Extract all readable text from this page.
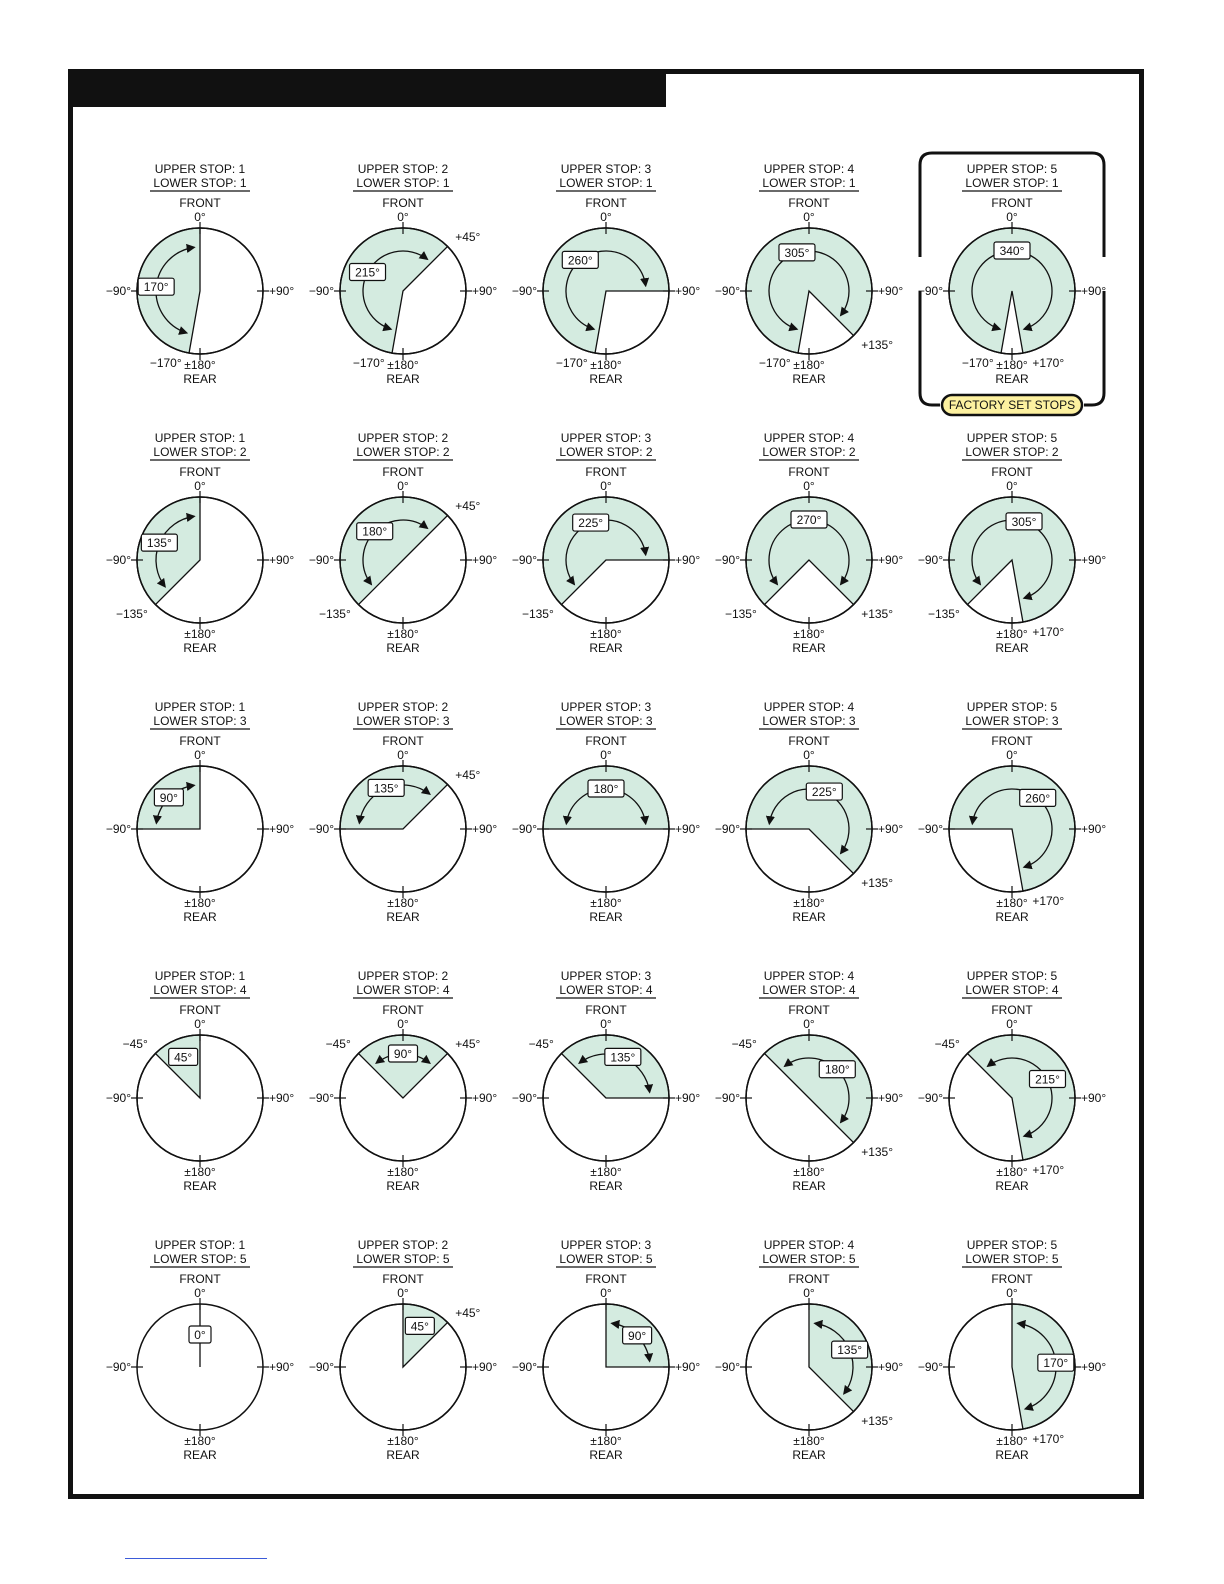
UPPER STOP: 1
LOWER STOP: 1
FRONT
0°
170°
−90°	+90°
±180°
REAR
−170°
UPPER STOP: 2
LOWER STOP: 1
FRONT
0°
215°
−90°	+90°
±180°
REAR
−170°
+45°
UPPER STOP: 3
LOWER STOP: 1
FRONT
0°
260°
−90°	+90°
±180°
REAR
−170°
UPPER STOP: 4
LOWER STOP: 1
FRONT
0°
305°
−90°	+90°
±180°
REAR
−170°
+135°
UPPER STOP: 5
LOWER STOP: 1
FRONT
0°
340°
−90°	+90°
±180°
REAR
−170°	+170°
FACTORY SET STOPS
UPPER STOP: 1
LOWER STOP: 2
FRONT
0°
135°
−90°	+90°
±180°
REAR
−135°
UPPER STOP: 2
LOWER STOP: 2
FRONT
0°
180°
−90°	+90°
±180°
REAR
−135°
+45°
UPPER STOP: 3
LOWER STOP: 2
FRONT
0°
225°
−90°	+90°
±180°
REAR
−135°
UPPER STOP: 4
LOWER STOP: 2
FRONT
0°
270°
−90°	+90°
±180°
REAR
−135°	+135°
UPPER STOP: 5
LOWER STOP: 2
FRONT
0°
305°
−90°	+90°
±180°
REAR
−135°
+170°
UPPER STOP: 1
LOWER STOP: 3
FRONT
0°
90°
−90°	+90°
±180°
REAR
UPPER STOP: 2
LOWER STOP: 3
FRONT
0°
135°
−90°	+90°
±180°
REAR
+45°
UPPER STOP: 3
LOWER STOP: 3
FRONT
0°
180°
−90°	+90°
±180°
REAR
UPPER STOP: 4
LOWER STOP: 3
FRONT
0°
225°
−90°	+90°
±180°
REAR
+135°
UPPER STOP: 5
LOWER STOP: 3
FRONT
0°
260°
−90°	+90°
±180°
REAR
+170°
UPPER STOP: 1
LOWER STOP: 4
FRONT
0°
45°
−90°	+90°
±180°
REAR
−45°
UPPER STOP: 2
LOWER STOP: 4
FRONT
0°
90°
−90°	+90°
±180°
REAR
−45°	+45°
UPPER STOP: 3
LOWER STOP: 4
FRONT
0°
135°
−90°	+90°
±180°
REAR
−45°
UPPER STOP: 4
LOWER STOP: 4
FRONT
0°
180°
−90°	+90°
±180°
REAR
−45°
+135°
UPPER STOP: 5
LOWER STOP: 4
FRONT
0°
215°
−90°	+90°
±180°
REAR
−45°
+170°
UPPER STOP: 1
LOWER STOP: 5
FRONT
0°
0°
−90°	+90°
±180°
REAR
UPPER STOP: 2
LOWER STOP: 5
FRONT
0°
45°
−90°	+90°
±180°
REAR
+45°
UPPER STOP: 3
LOWER STOP: 5
FRONT
0°
90°
−90°	+90°
±180°
REAR
UPPER STOP: 4
LOWER STOP: 5
FRONT
0°
135°
−90°	+90°
±180°
REAR
+135°
UPPER STOP: 5
LOWER STOP: 5
FRONT
0°
170°
−90°	+90°
±180°
REAR
+170°
